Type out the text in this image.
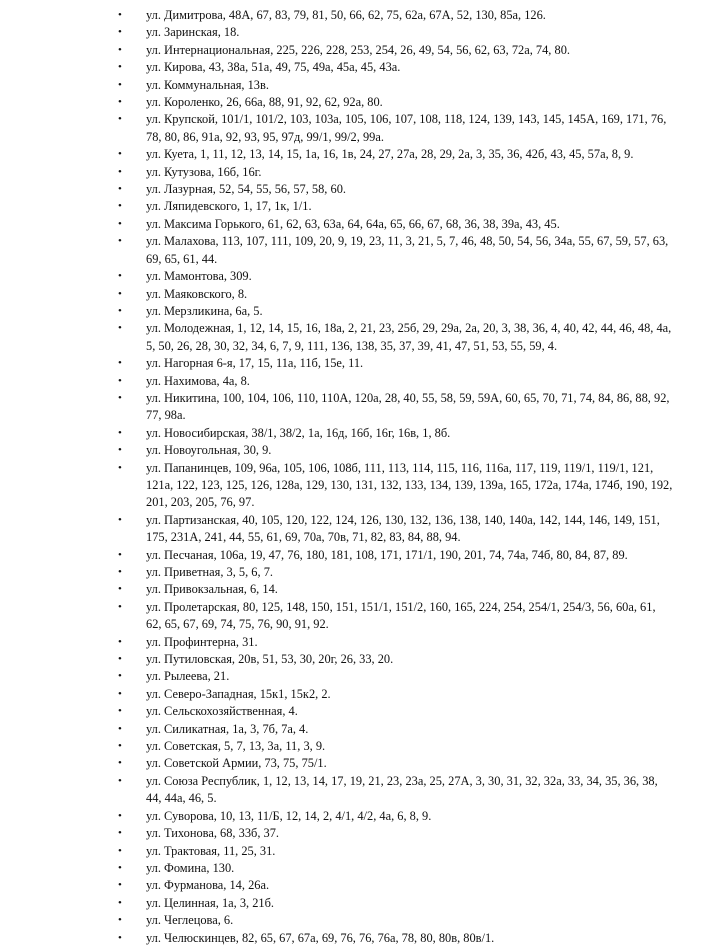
•	ул. Димитрова, 48А, 67, 83, 79, 81, 50, 66, 62, 75, 62а, 67А, 52, 130, 85а, 126.
•	ул. Заринская, 18.
•	ул. Интернациональная, 225, 226, 228, 253, 254, 26, 49, 54, 56, 62, 63, 72а, 74, 80.
•	ул. Кирова, 43, 38а, 51а, 49, 75, 49а, 45а, 45, 43а.
•	ул. Коммунальная, 13в.
•	ул. Короленко, 26, 66а, 88, 91, 92, 62, 92а, 80.
•	ул. Крупской, 101/1, 101/2, 103, 103а, 105, 106, 107, 108, 118, 124, 139, 143, 145, 145А, 169, 171, 76, 78, 80, 86, 91а, 92, 93, 95, 97д, 99/1, 99/2, 99а.
•	ул. Куета, 1, 11, 12, 13, 14, 15, 1а, 16, 1в, 24, 27, 27а, 28, 29, 2а, 3, 35, 36, 42б, 43, 45, 57а, 8, 9.
•	ул. Кутузова, 16б, 16г.
•	ул. Лазурная, 52, 54, 55, 56, 57, 58, 60.
•	ул. Ляпидевского, 1, 17, 1к, 1/1.
•	ул. Максима Горького, 61, 62, 63, 63а, 64, 64а, 65, 66, 67, 68, 36, 38, 39а, 43, 45.
•	ул. Малахова, 113, 107, 111, 109, 20, 9, 19, 23, 11, 3, 21, 5, 7, 46, 48, 50, 54, 56, 34а, 55, 67, 59, 57, 63, 69, 65, 61, 44.
•	ул. Мамонтова, 309.
•	ул. Маяковского, 8.
•	ул. Мерзликина, 6а, 5.
•	ул. Молодежная, 1, 12, 14, 15, 16, 18а, 2, 21, 23, 25б, 29, 29а, 2а, 20, 3, 38, 36, 4, 40, 42, 44, 46, 48, 4а, 5, 50, 26, 28, 30, 32, 34, 6, 7, 9, 111, 136, 138, 35, 37, 39, 41, 47, 51, 53, 55, 59, 4.
•	ул. Нагорная 6-я, 17, 15, 11а, 11б, 15е, 11.
•	ул. Нахимова, 4а, 8.
•	ул. Никитина, 100, 104, 106, 110, 110А, 120а, 28, 40, 55, 58, 59, 59А, 60, 65, 70, 71, 74, 84, 86, 88, 92, 77, 98а.
•	ул. Новосибирская, 38/1, 38/2, 1а, 16д, 16б, 16г, 16в, 1, 8б.
•	ул. Новоугольная, 30, 9.
•	ул. Папанинцев, 109, 96а, 105, 106, 108б, 111, 113, 114, 115, 116, 116а, 117, 119, 119/1, 119/1, 121, 121а, 122, 123, 125, 126, 128а, 129, 130, 131, 132, 133, 134, 139, 139а, 165, 172а, 174а, 174б, 190, 192, 201, 203, 205, 76, 97.
•	ул. Партизанская, 40, 105, 120, 122, 124, 126, 130, 132, 136, 138, 140, 140а, 142, 144, 146, 149, 151, 175, 231А, 241, 44, 55, 61, 69, 70а, 70в, 71, 82, 83, 84, 88, 94.
•	ул. Песчаная, 106а, 19, 47, 76, 180, 181, 108, 171, 171/1, 190, 201, 74, 74а, 74б, 80, 84, 87, 89.
•	ул. Приветная, 3, 5, 6, 7.
•	ул. Привокзальная, 6, 14.
•	ул. Пролетарская, 80, 125, 148, 150, 151, 151/1, 151/2, 160, 165, 224, 254, 254/1, 254/3, 56, 60а, 61, 62, 65, 67, 69, 74, 75, 76, 90, 91, 92.
•	ул. Профинтерна, 31.
•	ул. Путиловская, 20в, 51, 53, 30, 20г, 26, 33, 20.
•	ул. Рылеева, 21.
•	ул. Северо-Западная, 15к1, 15к2, 2.
•	ул. Сельскохозяйственная, 4.
•	ул. Силикатная, 1а, 3, 7б, 7а, 4.
•	ул. Советская, 5, 7, 13, 3а, 11, 3, 9.
•	ул. Советской Армии, 73, 75, 75/1.
•	ул. Союза Республик, 1, 12, 13, 14, 17, 19, 21, 23, 23а, 25, 27А, 3, 30, 31, 32, 32а, 33, 34, 35, 36, 38, 44, 44а, 46, 5.
•	ул. Суворова, 10, 13, 11/Б, 12, 14, 2, 4/1, 4/2, 4а, 6, 8, 9.
•	ул. Тихонова, 68, 33б, 37.
•	ул. Трактовая, 11, 25, 31.
•	ул. Фомина, 130.
•	ул. Фурманова, 14, 26а.
•	ул. Целинная, 1а, 3, 21б.
•	ул. Чеглецова, 6.
•	ул. Челюскинцев, 82, 65, 67, 67а, 69, 76, 76, 76а, 78, 80, 80в, 80в/1.
